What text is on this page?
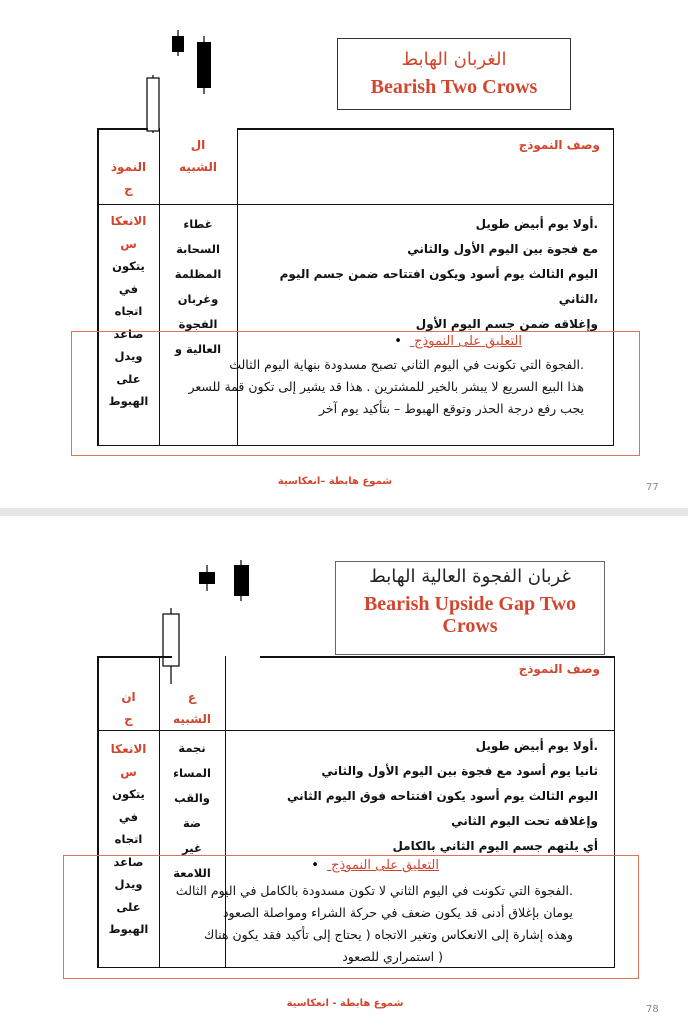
الغربان الهابط
Bearish Two Crows
وصف النموذج
ال
الشبيه
النموذ
ج
الانعكا
س
يتكون
في
اتجاه
صاعد
ويدل
على
الهبوط
غطاء
السحابة
المظلمة
وغربان
الفجوة
العالية و
.أولا يوم أبيض طويل
مع فجوة بين اليوم الأول والثاني
اليوم الثالث يوم أسود ويكون افتتاحه ضمن جسم اليوم
،الثاني
وإغلاقه ضمن جسم اليوم الأول
التعليق على النموذج •
.الفجوة التي تكونت في اليوم الثاني تصبح مسدودة بنهاية اليوم الثالث
هذا البيع السريع لا يبشر بالخير للمشترين . هذا قد يشير إلى تكون قمة للسعر
يجب رفع درجة الحذر وتوقع الهبوط – بتأكيد يوم آخر
شموع هابطة –انعكاسية
77
غربان الفجوة العالية الهابط
Bearish Upside Gap Two
Crows
وصف النموذج
ع
الشبيه
ان
ج
الانعكا
س
يتكون
في
اتجاه
صاعد
ويدل
على
الهبوط
نجمة
المساء
والقب
ضة
غير
اللامعة
.أولا يوم أبيض طويل
ثانيا يوم أسود مع فجوة بين اليوم الأول والثاني
اليوم الثالث يوم أسود يكون افتتاحه فوق اليوم الثاني
وإغلاقه تحت اليوم الثاني
أي يلتهم جسم اليوم الثاني بالكامل
التعليق على النموذج •
.الفجوة التي تكونت في اليوم الثاني لا تكون مسدودة بالكامل في اليوم الثالث
يومان بإغلاق أدنى قد يكون ضعف في حركة الشراء ومواصلة الصعود
وهذه إشارة إلى الانعكاس وتغير الاتجاه ( يحتاج إلى تأكيد فقد يكون هناك
( استمراري للصعود
شموع هابطة - انعكاسية
78
